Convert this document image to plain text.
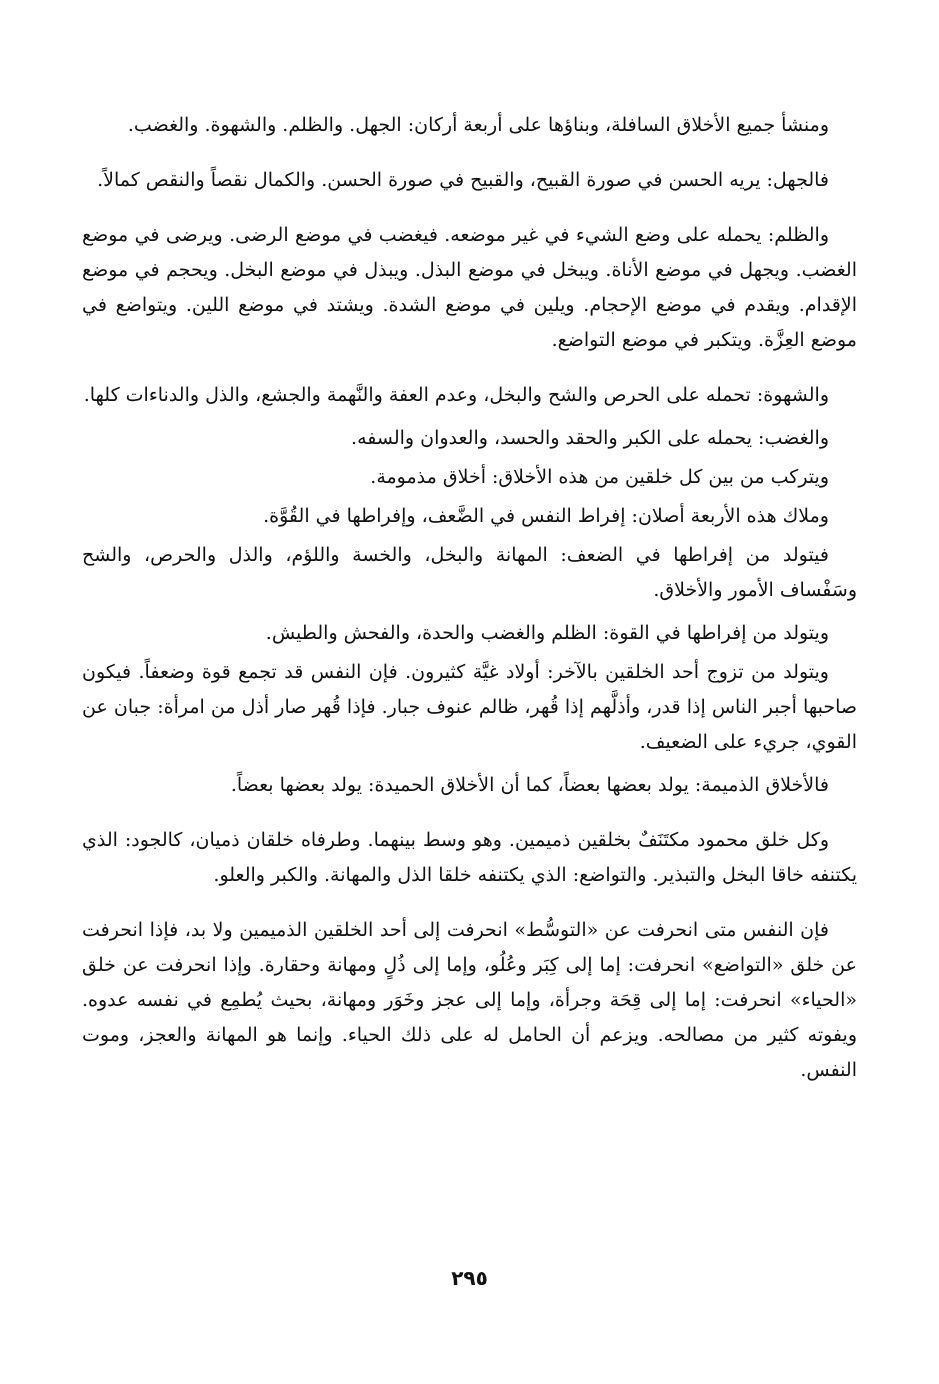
ومنشأ جميع الأخلاق السافلة، وبناؤها على أربعة أركان: الجهل. والظلم. والشهوة. والغضب.

فالجهل: يريه الحسن في صورة القبيح، والقبيح في صورة الحسن. والكمال نقصاً والنقص كمالاً.

والظلم: يحمله على وضع الشيء في غير موضعه. فيغضب في موضع الرضى. ويرضى في موضع الغضب. ويجهل في موضع الأناة. ويبخل في موضع البذل. ويبذل في موضع البخل. ويحجم في موضع الإقدام. ويقدم في موضع الإحجام. ويلين في موضع الشدة. ويشتد في موضع اللين. ويتواضع في موضع العِزَّة. ويتكبر في موضع التواضع.

والشهوة: تحمله على الحرص والشح والبخل، وعدم العفة والنَّهمة والجشع، والذل والدناءات كلها.

والغضب: يحمله على الكبر والحقد والحسد، والعدوان والسفه.

ويتركب من بين كل خلقين من هذه الأخلاق: أخلاق مذمومة.

وملاك هذه الأربعة أصلان: إفراط النفس في الضَّعف، وإفراطها في القُوَّة.

فيتولد من إفراطها في الضعف: المهانة والبخل، والخسة واللؤم، والذل والحرص، والشح وسَفْساف الأمور والأخلاق.

ويتولد من إفراطها في القوة: الظلم والغضب والحدة، والفحش والطيش.

ويتولد من تزوج أحد الخلقين بالآخر: أولاد غيَّة كثيرون. فإن النفس قد تجمع قوة وضعفاً. فيكون صاحبها أجبر الناس إذا قدر، وأذلَّهم إذا قُهر، ظالم عنوف جبار. فإذا قُهر صار أذل من امرأة: جبان عن القوي، جريء على الضعيف.

فالأخلاق الذميمة: يولد بعضها بعضاً، كما أن الأخلاق الحميدة: يولد بعضها بعضاً.

وكل خلق محمود مكتَنَفٌ بخلقين ذميمين. وهو وسط بينهما. وطرفاه خلقان ذميان، كالجود: الذي يكتنفه خاقا البخل والتبذير. والتواضع: الذي يكتنفه خلقا الذل والمهانة. والكبر والعلو.

فإن النفس متى انحرفت عن «التوسُّط» انحرفت إلى أحد الخلقين الذميمين ولا بد، فإذا انحرفت عن خلق «التواضع» انحرفت: إما إلى كِبَر وعُلُو، وإما إلى ذُلٍ ومهانة وحقارة. وإذا انحرفت عن خلق «الحياء» انحرفت: إما إلى قِحَة وجرأة، وإما إلى عجز وخَوَر ومهانة، بحيث يُطمِع في نفسه عدوه. ويفوته كثير من مصالحه. ويزعم أن الحامل له على ذلك الحياء. وإنما هو المهانة والعجز، وموت النفس.

٢٩٥
